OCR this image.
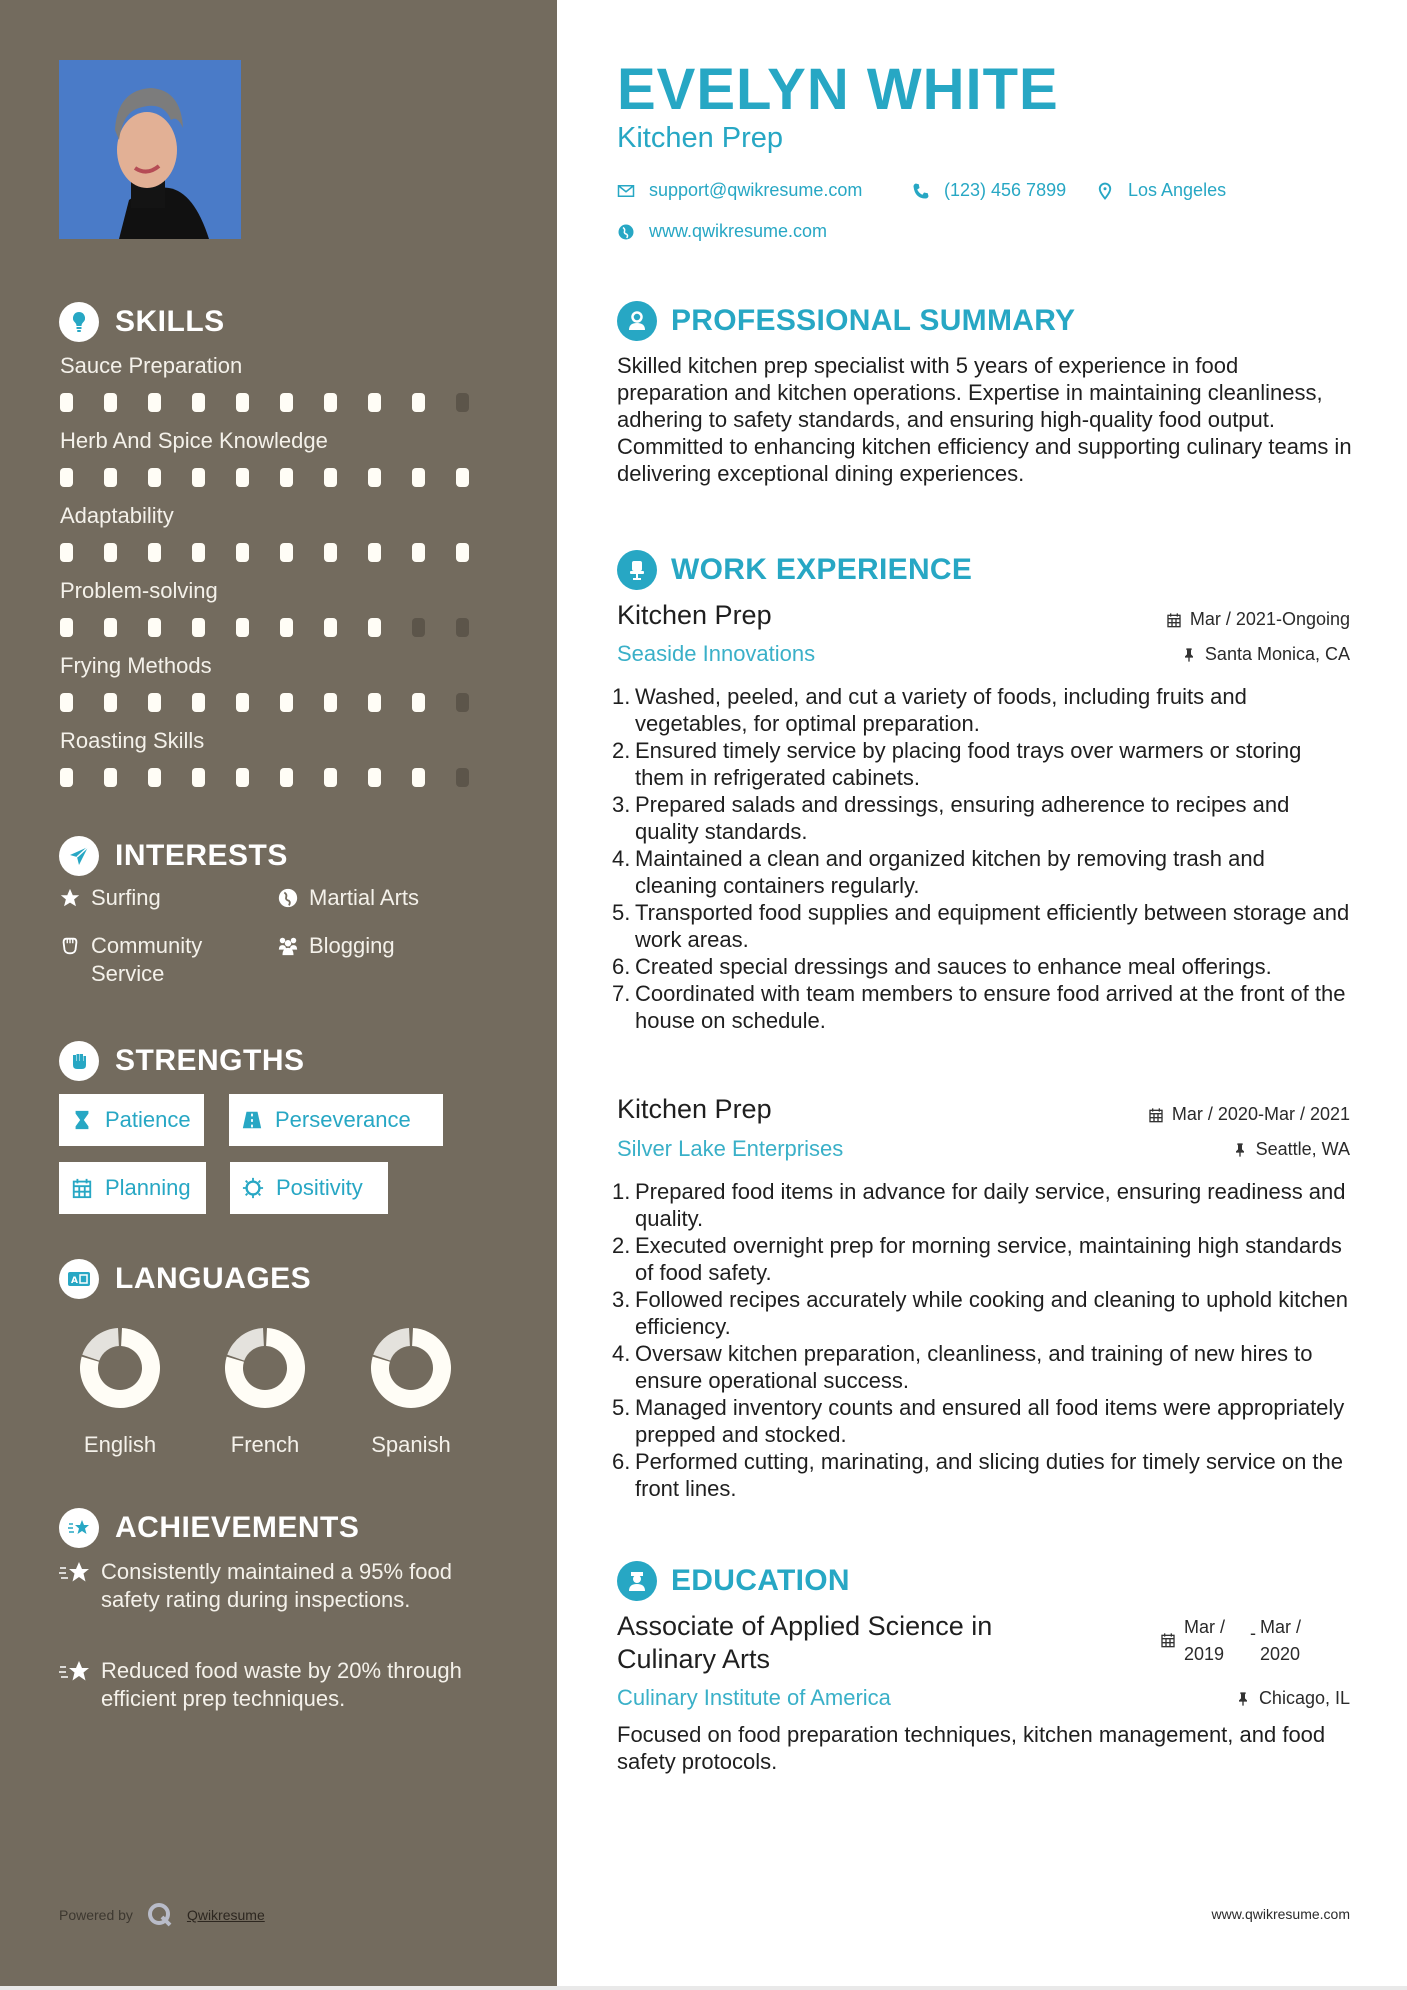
SKILLS
Sauce Preparation
Herb And Spice Knowledge
Adaptability
Problem-solving
Frying Methods
Roasting Skills
INTERESTS
Surfing	Martial Arts
Community Service
Blogging
STRENGTHS
Patience	Perseverance
Planning	Positivity
A LANGUAGES
English	French	Spanish
ACHIEVEMENTS
Consistently maintained a 95% food safety rating during inspections.
Reduced food waste by 20% through efficient prep techniques.
Powered by	Qwikresume
EVELYN WHITE
Kitchen Prep
support@qwikresume.com	(123) 456 7899	Los Angeles
www.qwikresume.com
PROFESSIONAL SUMMARY
Skilled kitchen prep specialist with 5 years of experience in food preparation and kitchen operations. Expertise in maintaining cleanliness, adhering to safety standards, and ensuring high-quality food output. Committed to enhancing kitchen efficiency and supporting culinary teams in delivering exceptional dining experiences.
WORK EXPERIENCE
Kitchen Prep	Mar / 2021-Ongoing
Seaside Innovations	Santa Monica, CA
1. Washed, peeled, and cut a variety of foods, including fruits and vegetables, for optimal preparation.
2. Ensured timely service by placing food trays over warmers or storing them in refrigerated cabinets.
3. Prepared salads and dressings, ensuring adherence to recipes and quality standards.
4. Maintained a clean and organized kitchen by removing trash and cleaning containers regularly.
5. Transported food supplies and equipment efficiently between storage and work areas.
6. Created special dressings and sauces to enhance meal offerings.
7. Coordinated with team members to ensure food arrived at the front of the house on schedule.
Kitchen Prep	Mar / 2020-Mar / 2021
Silver Lake Enterprises	Seattle, WA
1. Prepared food items in advance for daily service, ensuring readiness and quality.
2. Executed overnight prep for morning service, maintaining high standards of food safety.
3. Followed recipes accurately while cooking and cleaning to uphold kitchen efficiency.
4. Oversaw kitchen preparation, cleanliness, and training of new hires to ensure operational success.
5. Managed inventory counts and ensured all food items were appropriately prepped and stocked.
6. Performed cutting, marinating, and slicing duties for timely service on the front lines.
EDUCATION
Associate of Applied Science in Culinary Arts
Mar /
2019
- Mar /
2020
Culinary Institute of America	Chicago, IL
Focused on food preparation techniques, kitchen management, and food safety protocols.
www.qwikresume.com
